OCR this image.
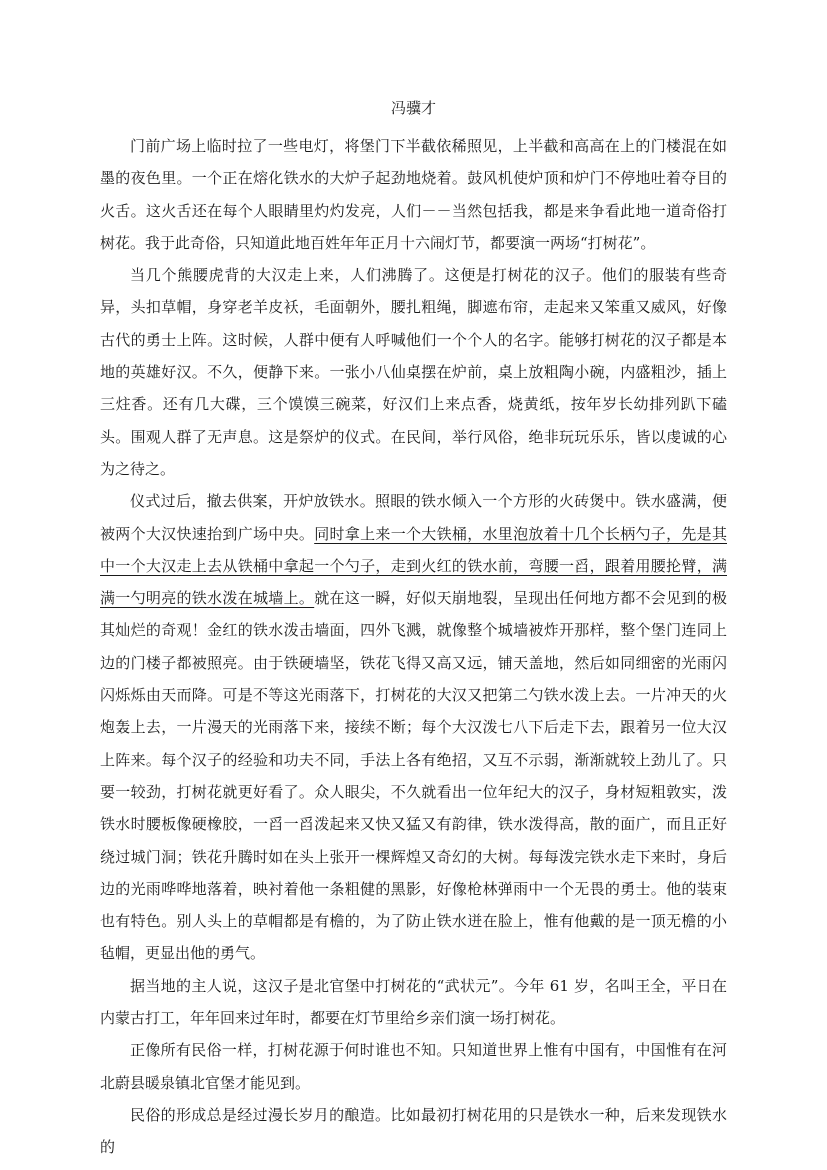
冯骥才

门前广场上临时拉了一些电灯，将堡门下半截依稀照见，上半截和高高在上的门楼混在如墨的夜色里。一个正在熔化铁水的大炉子起劲地烧着。鼓风机使炉顶和炉门不停地吐着夺目的火舌。这火舌还在每个人眼睛里灼灼发亮，人们－－当然包括我，都是来争看此地一道奇俗打树花。我于此奇俗，只知道此地百姓年年正月十六闹灯节，都要演一两场“打树花”。

当几个熊腰虎背的大汉走上来，人们沸腾了。这便是打树花的汉子。他们的服装有些奇异，头扣草帽，身穿老羊皮袄，毛面朝外，腰扎粗绳，脚遮布帘，走起来又笨重又威风，好像古代的勇士上阵。这时候，人群中便有人呼喊他们一个个人的名字。能够打树花的汉子都是本地的英雄好汉。不久，便静下来。一张小八仙桌摆在炉前，桌上放粗陶小碗，内盛粗沙，插上三炷香。还有几大碟，三个馍馍三碗菜，好汉们上来点香，烧黄纸，按年岁长幼排列趴下磕头。围观人群了无声息。这是祭炉的仪式。在民间，举行风俗，绝非玩玩乐乐，皆以虔诚的心为之待之。

仪式过后，撤去供案，开炉放铁水。照眼的铁水倾入一个方形的火砖煲中。铁水盛满，便被两个大汉快速抬到广场中央。同时拿上来一个大铁桶，水里泡放着十几个长柄勺子，先是其中一个大汉走上去从铁桶中拿起一个勺子，走到火红的铁水前，弯腰一舀，跟着用腰抡臂，满满一勺明亮的铁水泼在城墙上。就在这一瞬，好似天崩地裂，呈现出任何地方都不会见到的极其灿烂的奇观！金红的铁水泼击墙面，四外飞溅，就像整个城墙被炸开那样，整个堡门连同上边的门楼子都被照亮。由于铁硬墙坚，铁花飞得又高又远，铺天盖地，然后如同细密的光雨闪闪烁烁由天而降。可是不等这光雨落下，打树花的大汉又把第二勺铁水泼上去。一片冲天的火炮轰上去，一片漫天的光雨落下来，接续不断；每个大汉泼七八下后走下去，跟着另一位大汉上阵来。每个汉子的经验和功夫不同，手法上各有绝招，又互不示弱，渐渐就较上劲儿了。只要一较劲，打树花就更好看了。众人眼尖，不久就看出一位年纪大的汉子，身材短粗敦实，泼铁水时腰板像硬橡胶，一舀一舀泼起来又快又猛又有韵律，铁水泼得高，散的面广，而且正好绕过城门洞；铁花升腾时如在头上张开一棵辉煌又奇幻的大树。每每泼完铁水走下来时，身后边的光雨哗哗地落着，映衬着他一条粗健的黑影，好像枪林弹雨中一个无畏的勇士。他的装束也有特色。别人头上的草帽都是有檐的，为了防止铁水迸在脸上，惟有他戴的是一顶无檐的小毡帽，更显出他的勇气。

据当地的主人说，这汉子是北官堡中打树花的“武状元”。今年 61 岁，名叫王全，平日在内蒙古打工，年年回来过年时，都要在灯节里给乡亲们演一场打树花。

正像所有民俗一样，打树花源于何时谁也不知。只知道世界上惟有中国有，中国惟有在河北蔚县暖泉镇北官堡才能见到。

民俗的形成总是经过漫长岁月的酿造。比如最初打树花用的只是铁水一种，后来发现铁水的
